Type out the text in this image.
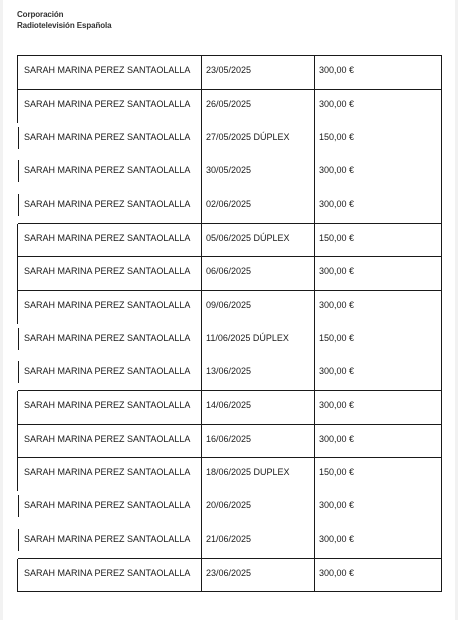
Corporación
Radiotelevisión Española
SARAH MARINA PEREZ SANTAOLALLA	23/05/2025	300,00 €
SARAH MARINA PEREZ SANTAOLALLA	26/05/2025	300,00 €
SARAH MARINA PEREZ SANTAOLALLA	27/05/2025 DÚPLEX	150,00 €
SARAH MARINA PEREZ SANTAOLALLA	30/05/2025	300,00 €
SARAH MARINA PEREZ SANTAOLALLA	02/06/2025	300,00 €
SARAH MARINA PEREZ SANTAOLALLA	05/06/2025 DÚPLEX	150,00 €
SARAH MARINA PEREZ SANTAOLALLA	06/06/2025	300,00 €
SARAH MARINA PEREZ SANTAOLALLA	09/06/2025	300,00 €
SARAH MARINA PEREZ SANTAOLALLA	11/06/2025 DÚPLEX	150,00 €
SARAH MARINA PEREZ SANTAOLALLA	13/06/2025	300,00 €
SARAH MARINA PEREZ SANTAOLALLA	14/06/2025	300,00 €
SARAH MARINA PEREZ SANTAOLALLA	16/06/2025	300,00 €
SARAH MARINA PEREZ SANTAOLALLA	18/06/2025 DUPLEX	150,00 €
SARAH MARINA PEREZ SANTAOLALLA	20/06/2025	300,00 €
SARAH MARINA PEREZ SANTAOLALLA	21/06/2025	300,00 €
SARAH MARINA PEREZ SANTAOLALLA	23/06/2025	300,00 €
